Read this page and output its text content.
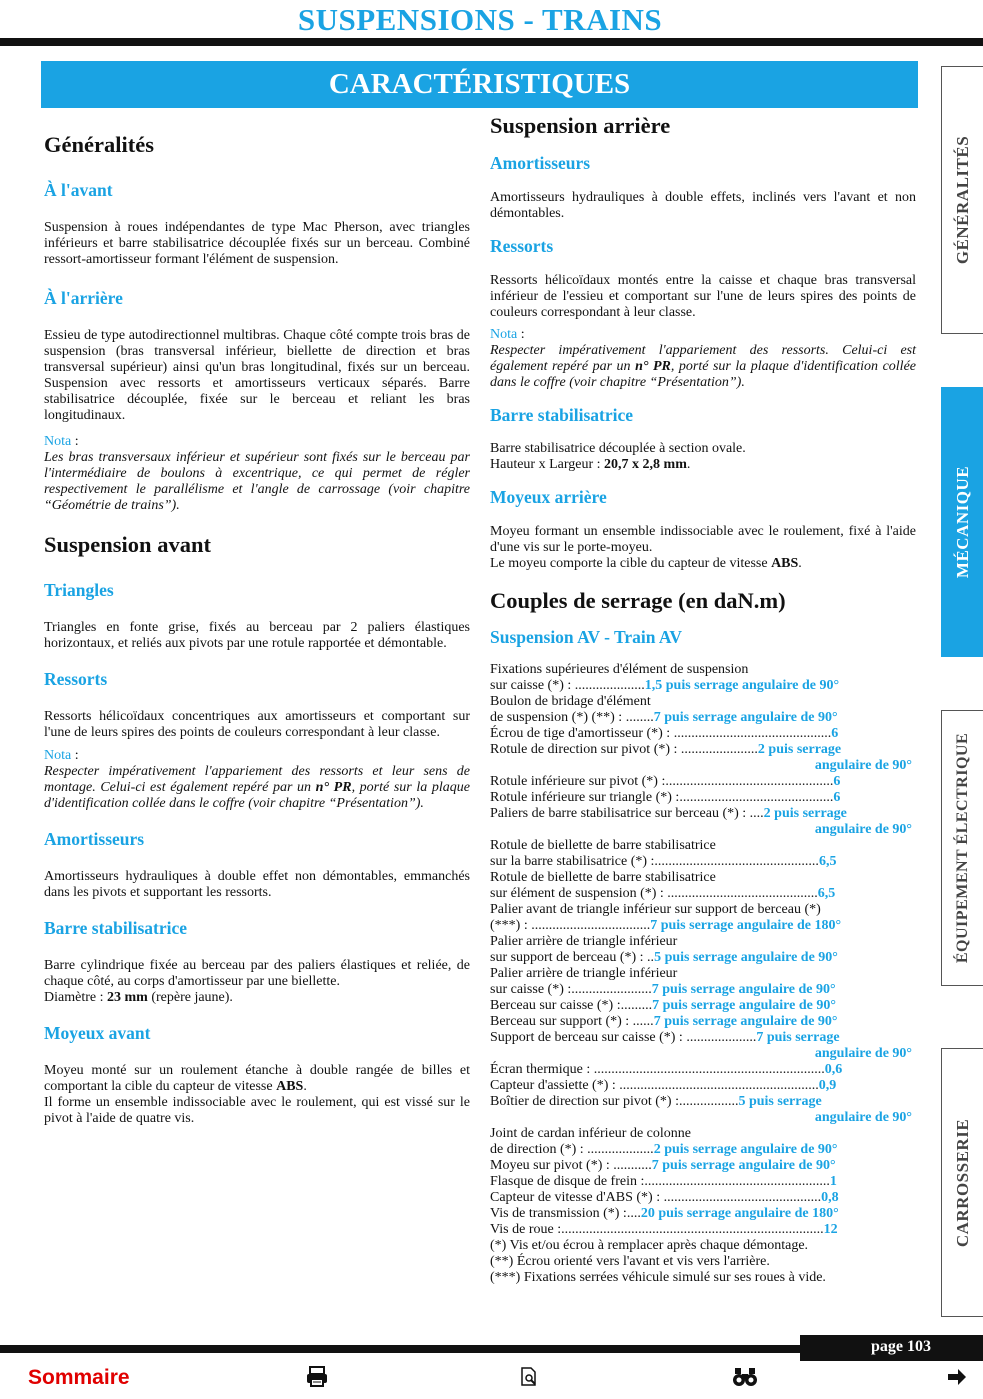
SUSPENSIONS - TRAINS
CARACTÉRISTIQUES
Généralités
À l'avant

Suspension à roues indépendantes de type Mac Pherson, avec triangles inférieurs et barre stabilisatrice découplée fixés sur un berceau. Combiné ressort-amortisseur formant l'élément de suspension.

À l'arrière

Essieu de type autodirectionnel multibras. Chaque côté compte trois bras de suspension (bras transversal inférieur, biellette de direction et bras transversal supérieur) ainsi qu'un bras longitudinal, fixés sur un berceau. Suspension avec ressorts et amortisseurs verticaux séparés. Barre stabilisatrice découplée, fixée sur le berceau et reliant les bras longitudinaux.

Nota :

Les bras transversaux inférieur et supérieur sont fixés sur le berceau par l'intermédiaire de boulons à excentrique, ce qui permet de régler respectivement le parallélisme et l'angle de carrossage (voir chapitre “Géométrie de trains”).

Suspension avant
Triangles

Triangles en fonte grise, fixés au berceau par 2 paliers élastiques horizontaux, et reliés aux pivots par une rotule rapportée et démontable.

Ressorts

Ressorts hélicoïdaux concentriques aux amortisseurs et comportant sur l'une de leurs spires des points de couleurs correspondant à leur classe.

Nota :

Respecter impérativement l'appariement des ressorts et leur sens de montage. Celui-ci est également repéré par un n° PR, porté sur la plaque d'identification collée dans le coffre (voir chapitre “Présentation”).

Amortisseurs

Amortisseurs hydrauliques à double effet non démontables, emmanchés dans les pivots et supportant les ressorts.

Barre stabilisatrice

Barre cylindrique fixée au berceau par des paliers élastiques et reliée, de chaque côté, au corps d'amortisseur par une biellette.

Diamètre : 23 mm (repère jaune).

Moyeux avant

Moyeu monté sur un roulement étanche à double rangée de billes et comportant la cible du capteur de vitesse ABS.

Il forme un ensemble indissociable avec le roulement, qui est vissé sur le pivot à l'aide de quatre vis.

Suspension arrière
Amortisseurs

Amortisseurs hydrauliques à double effets, inclinés vers l'avant et non démontables.

Ressorts

Ressorts hélicoïdaux montés entre la caisse et chaque bras transversal inférieur de l'essieu et comportant sur l'une de leurs spires des points de couleurs correspondant à leur classe.

Nota :

Respecter impérativement l'appariement des ressorts. Celui-ci est également repéré par un n° PR, porté sur la plaque d'identification collée dans le coffre (voir chapitre “Présentation”).

Barre stabilisatrice

Barre stabilisatrice découplée à section ovale.

Hauteur x Largeur : 20,7 x 2,8 mm.

Moyeux arrière

Moyeu formant un ensemble indissociable avec le roulement, fixé à l'aide d'une vis sur le porte-moyeu.

Le moyeu comporte la cible du capteur de vitesse ABS.

Couples de serrage (en daN.m)
Suspension AV - Train AV
Fixations supérieures d'élément de suspension
sur caisse (*) : ....................1,5 puis serrage angulaire de 90°
Boulon de bridage d'élément
de suspension (*) (**) : ........7 puis serrage angulaire de 90°
Écrou de tige d'amortisseur (*) : .............................................6
Rotule de direction sur pivot (*) : ......................2 puis serrage
angulaire de 90°
Rotule inférieure sur pivot (*) :................................................6
Rotule inférieure sur triangle (*) :............................................6
Paliers de barre stabilisatrice sur berceau (*) : ....2 puis serrage
angulaire de 90°
Rotule de biellette de barre stabilisatrice
sur la barre stabilisatrice (*) :...............................................6,5
Rotule de biellette de barre stabilisatrice
sur élément de suspension (*) : ...........................................6,5
Palier avant de triangle inférieur sur support de berceau (*)
(***) : ..................................7 puis serrage angulaire de 180°
Palier arrière de triangle inférieur
sur support de berceau (*) : ..5 puis serrage angulaire de 90°
Palier arrière de triangle inférieur
sur caisse (*) :.......................7 puis serrage angulaire de 90°
Berceau sur caisse (*) :.........7 puis serrage angulaire de 90°
Berceau sur support (*) : ......7 puis serrage angulaire de 90°
Support de berceau sur caisse (*) : ....................7 puis serrage
angulaire de 90°
Écran thermique : ..................................................................0,6
Capteur d'assiette (*) : .........................................................0,9
Boîtier de direction sur pivot (*) :.................5 puis serrage
angulaire de 90°
Joint de cardan inférieur de colonne
de direction (*) : ...................2 puis serrage angulaire de 90°
Moyeu sur pivot (*) : ...........7 puis serrage angulaire de 90°
Flasque de disque de frein :.....................................................1
Capteur de vitesse d'ABS (*) : .............................................0,8
Vis de transmission (*) :....20 puis serrage angulaire de 180°
Vis de roue :...........................................................................12
(*) Vis et/ou écrou à remplacer après chaque démontage.
(**) Écrou orienté vers l'avant et vis vers l'arrière.
(***) Fixations serrées véhicule simulé sur ses roues à vide.
GÉNÉRALITÉS
MÉCANIQUE
ÉQUIPEMENT ÉLECTRIQUE
CARROSSERIE
page 103
Sommaire
